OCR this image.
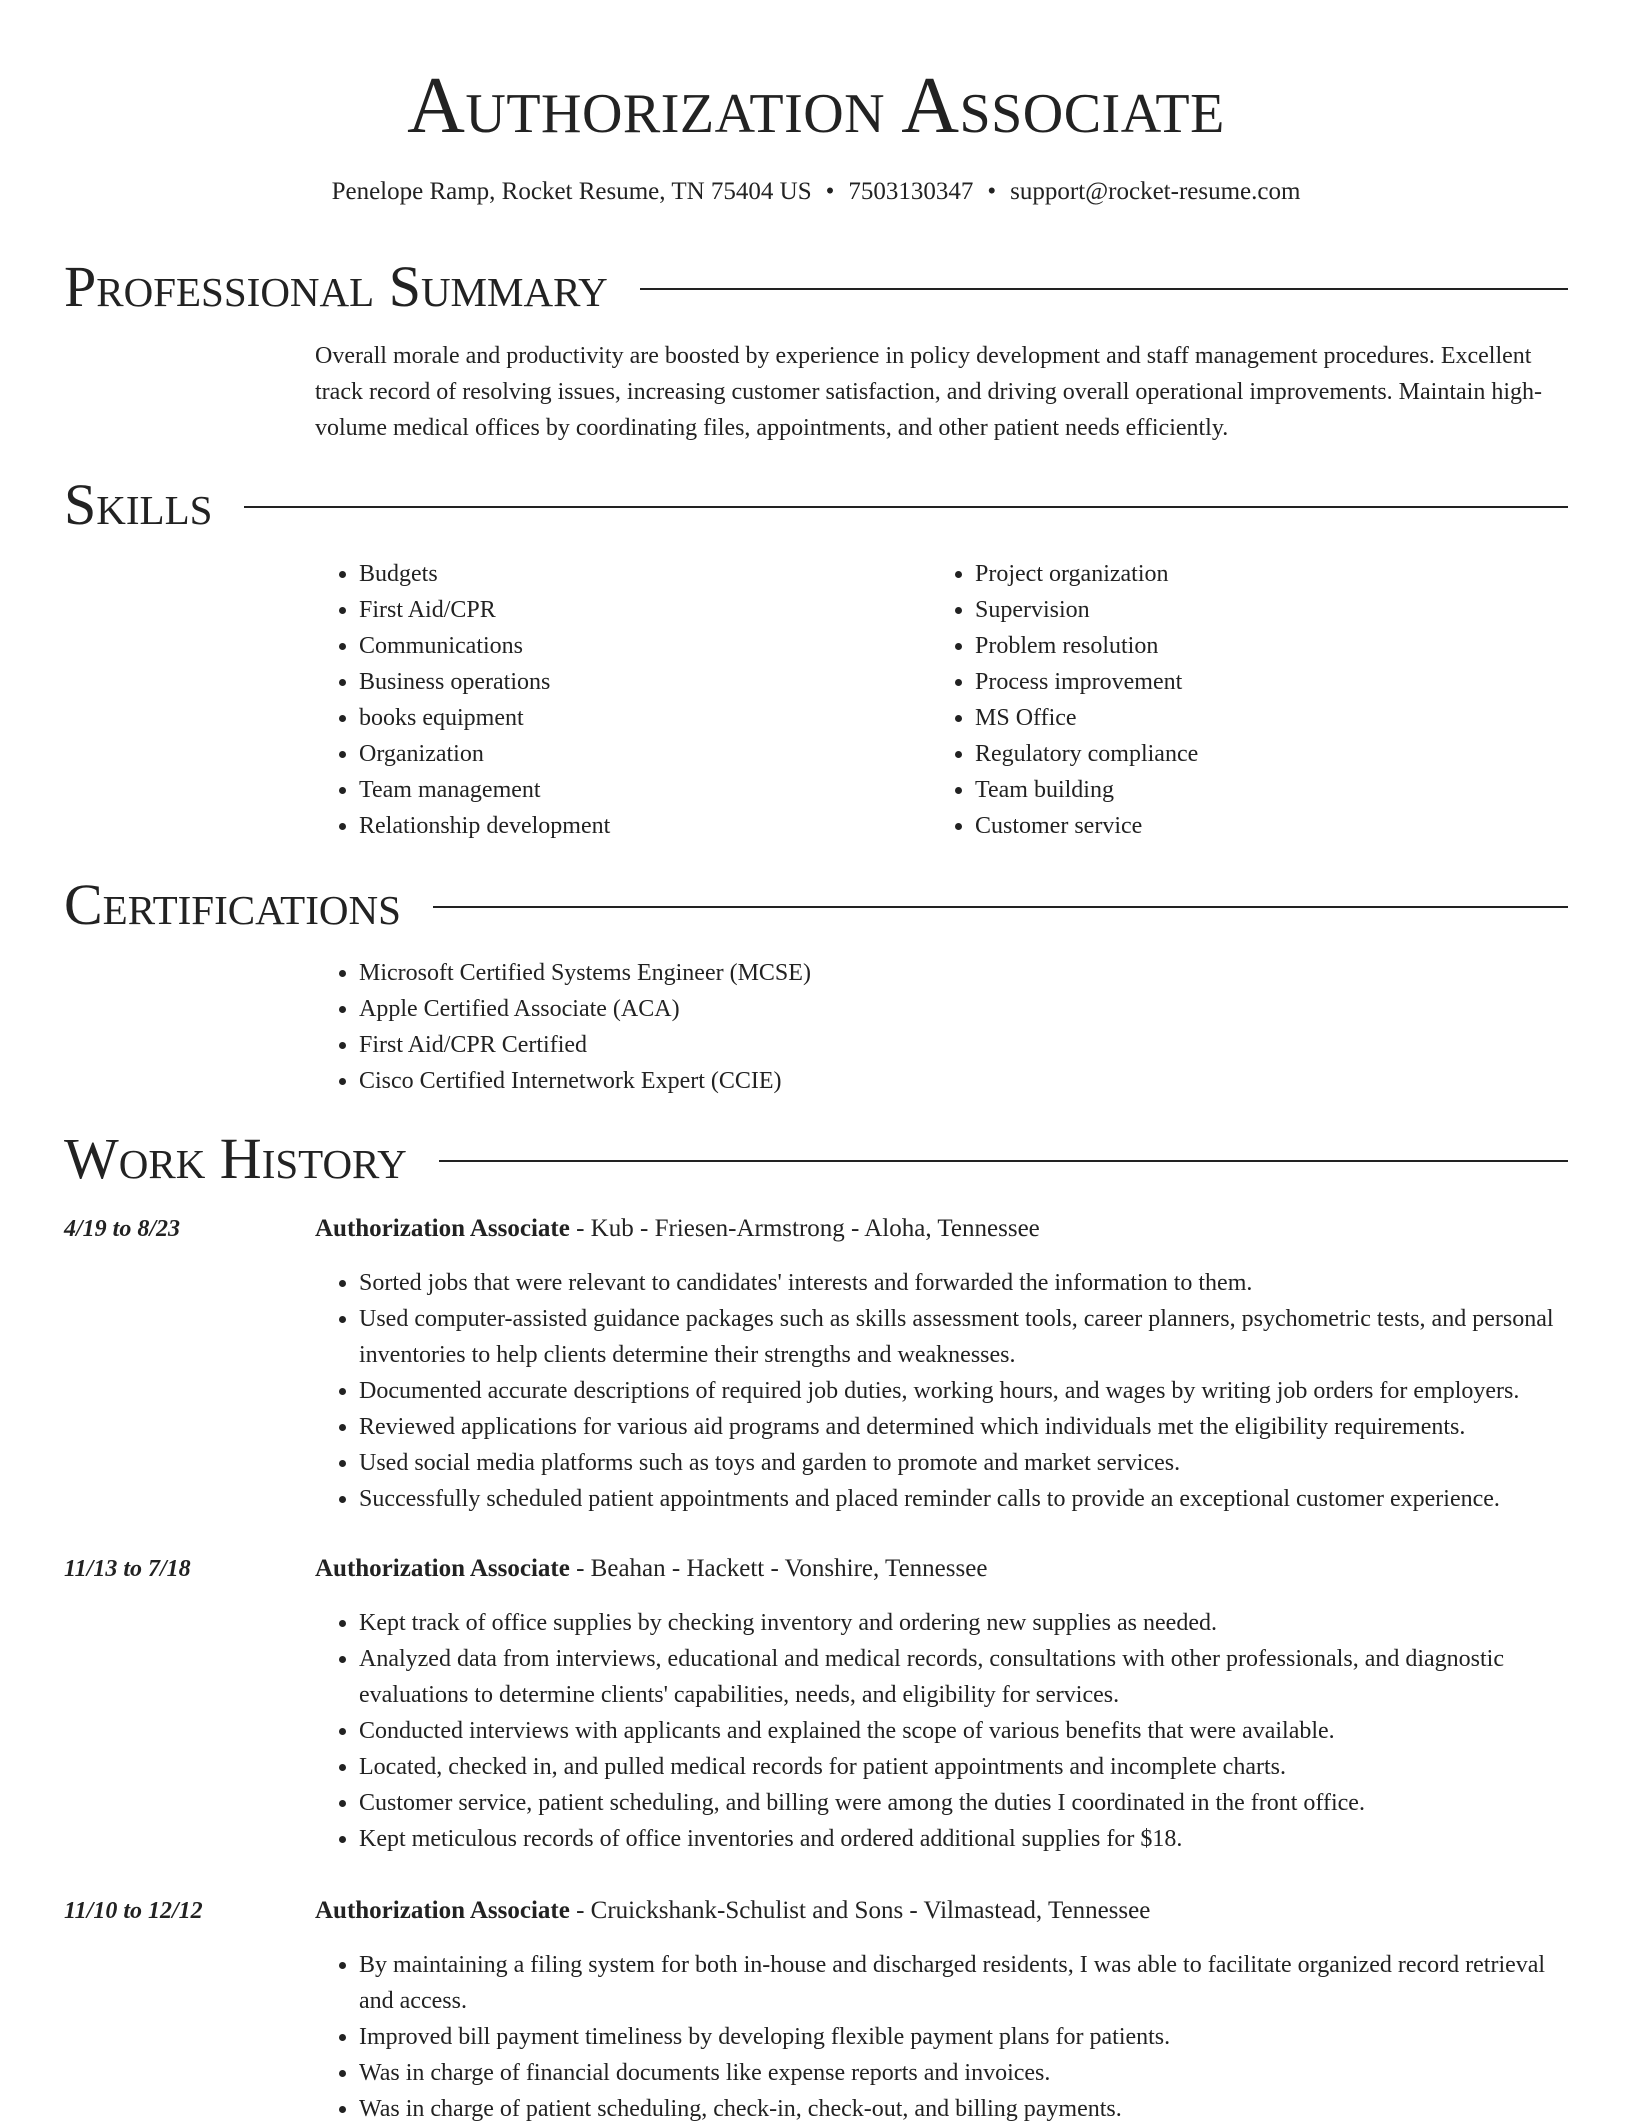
Authorization Associate

Penelope Ramp, Rocket Resume, TN 75404 US • 7503130347 • support@rocket-resume.com

Professional Summary

Overall morale and productivity are boosted by experience in policy development and staff management procedures. Excellent track record of resolving issues, increasing customer satisfaction, and driving overall operational improvements. Maintain high-volume medical offices by coordinating files, appointments, and other patient needs efficiently.

Skills
• Budgets
• First Aid/CPR
• Communications
• Business operations
• books equipment
• Organization
• Team management
• Relationship development
• Project organization
• Supervision
• Problem resolution
• Process improvement
• MS Office
• Regulatory compliance
• Team building
• Customer service
Certifications
• Microsoft Certified Systems Engineer (MCSE)
• Apple Certified Associate (ACA)
• First Aid/CPR Certified
• Cisco Certified Internetwork Expert (CCIE)
Work History
4/19 to 8/23	Authorization Associate - Kub - Friesen-Armstrong - Aloha, Tennessee
• Sorted jobs that were relevant to candidates' interests and forwarded the information to them.
• Used computer-assisted guidance packages such as skills assessment tools, career planners, psychometric tests, and personal inventories to help clients determine their strengths and weaknesses.
• Documented accurate descriptions of required job duties, working hours, and wages by writing job orders for employers.
• Reviewed applications for various aid programs and determined which individuals met the eligibility requirements.
• Used social media platforms such as toys and garden to promote and market services.
• Successfully scheduled patient appointments and placed reminder calls to provide an exceptional customer experience.
11/13 to 7/18	Authorization Associate - Beahan - Hackett - Vonshire, Tennessee
• Kept track of office supplies by checking inventory and ordering new supplies as needed.
• Analyzed data from interviews, educational and medical records, consultations with other professionals, and diagnostic evaluations to determine clients' capabilities, needs, and eligibility for services.
• Conducted interviews with applicants and explained the scope of various benefits that were available.
• Located, checked in, and pulled medical records for patient appointments and incomplete charts.
• Customer service, patient scheduling, and billing were among the duties I coordinated in the front office.
• Kept meticulous records of office inventories and ordered additional supplies for $18.
11/10 to 12/12	Authorization Associate - Cruickshank-Schulist and Sons - Vilmastead, Tennessee
• By maintaining a filing system for both in-house and discharged residents, I was able to facilitate organized record retrieval and access.
• Improved bill payment timeliness by developing flexible payment plans for patients.
• Was in charge of financial documents like expense reports and invoices.
• Was in charge of patient scheduling, check-in, check-out, and billing payments.
